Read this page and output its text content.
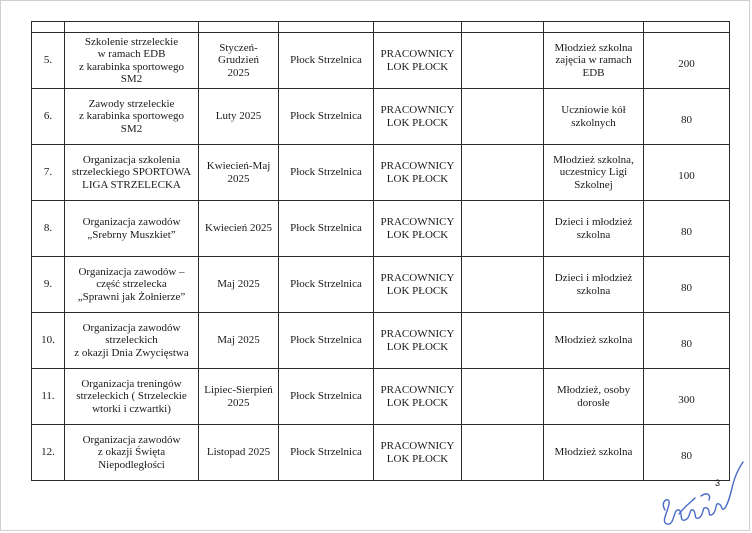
5.	Szkolenie strzeleckie
w ramach EDB
z karabinka sportowego
SM2	Styczeń-
Grudzień
2025	Płock Strzelnica	PRACOWNICY
LOK PŁOCK		Młodzież szkolna
zajęcia w ramach
EDB	200
6.	Zawody strzeleckie
z karabinka sportowego
SM2	Luty 2025	Płock Strzelnica	PRACOWNICY
LOK PŁOCK		Uczniowie kół
szkolnych	80
7.	Organizacja szkolenia
strzeleckiego SPORTOWA
LIGA STRZELECKA	Kwiecień-Maj
2025	Płock Strzelnica	PRACOWNICY
LOK PŁOCK		Młodzież szkolna,
uczestnicy Ligi
Szkolnej	100
8.	Organizacja zawodów
„Srebrny Muszkiet”	Kwiecień 2025	Płock Strzelnica	PRACOWNICY
LOK PŁOCK		Dzieci i młodzież
szkolna	80
9.	Organizacja zawodów –
część strzelecka
„Sprawni jak Żołnierze”	Maj 2025	Płock Strzelnica	PRACOWNICY
LOK PŁOCK		Dzieci i młodzież
szkolna	80
10.	Organizacja zawodów
strzeleckich
z okazji Dnia Zwycięstwa	Maj 2025	Płock Strzelnica	PRACOWNICY
LOK PŁOCK		Młodzież szkolna	80
11.	Organizacja treningów
strzeleckich ( Strzeleckie
wtorki i czwartki)	Lipiec-Sierpień
2025	Płock Strzelnica	PRACOWNICY
LOK PŁOCK		Młodzież, osoby
dorosłe	300
12.	Organizacja zawodów
z okazji Święta
Niepodległości	Listopad 2025	Płock Strzelnica	PRACOWNICY
LOK PŁOCK		Młodzież szkolna	80
3
